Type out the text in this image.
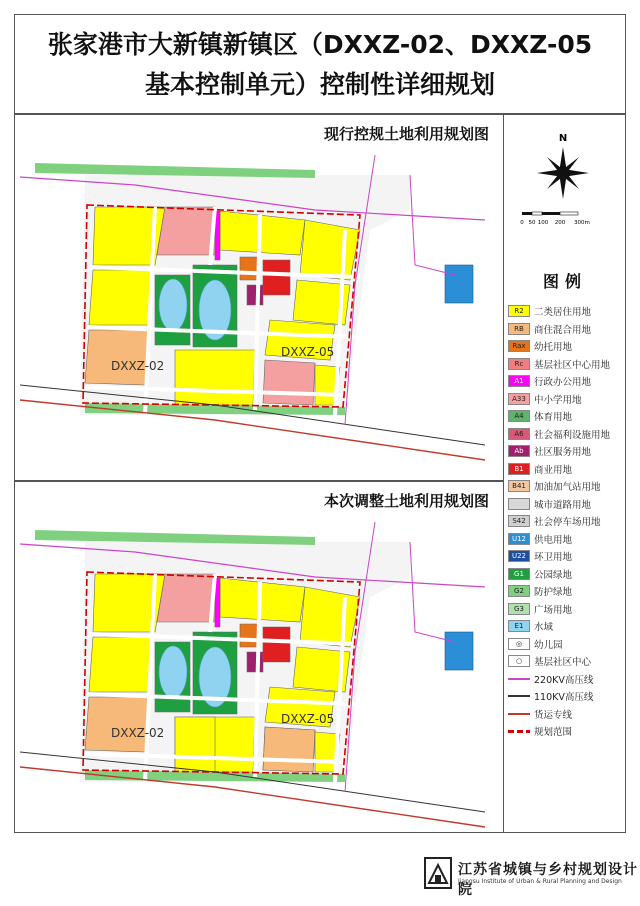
张家港市大新镇新镇区（DXXZ-02、DXXZ-05
基本控制单元）控制性详细规划
现行控规土地利用规划图
DXXZ-02
DXXZ-05
本次调整土地利用规划图
DXXZ-02
DXXZ-05
N
0 50 100 200 300m
图例
R2	二类居住用地
RB	商住混合用地
Rax 幼托用地
Rc	基层社区中心用地
A1	行政办公用地
A33 中小学用地
A4	体育用地
A6	社会福利设施用地
Ab	社区服务用地
B1	商业用地
B41 加油加气站用地
城市道路用地
S42 社会停车场用地
U12 供电用地
U22 环卫用地
G1	公园绿地
G2	防护绿地
G3	广场用地
E1	水域
◎	幼儿园
○	基层社区中心
220KV高压线
110KV高压线
货运专线
规划范围
江苏省城镇与乡村规划设计院
Jiangsu Institute of Urban & Rural Planning and Design
